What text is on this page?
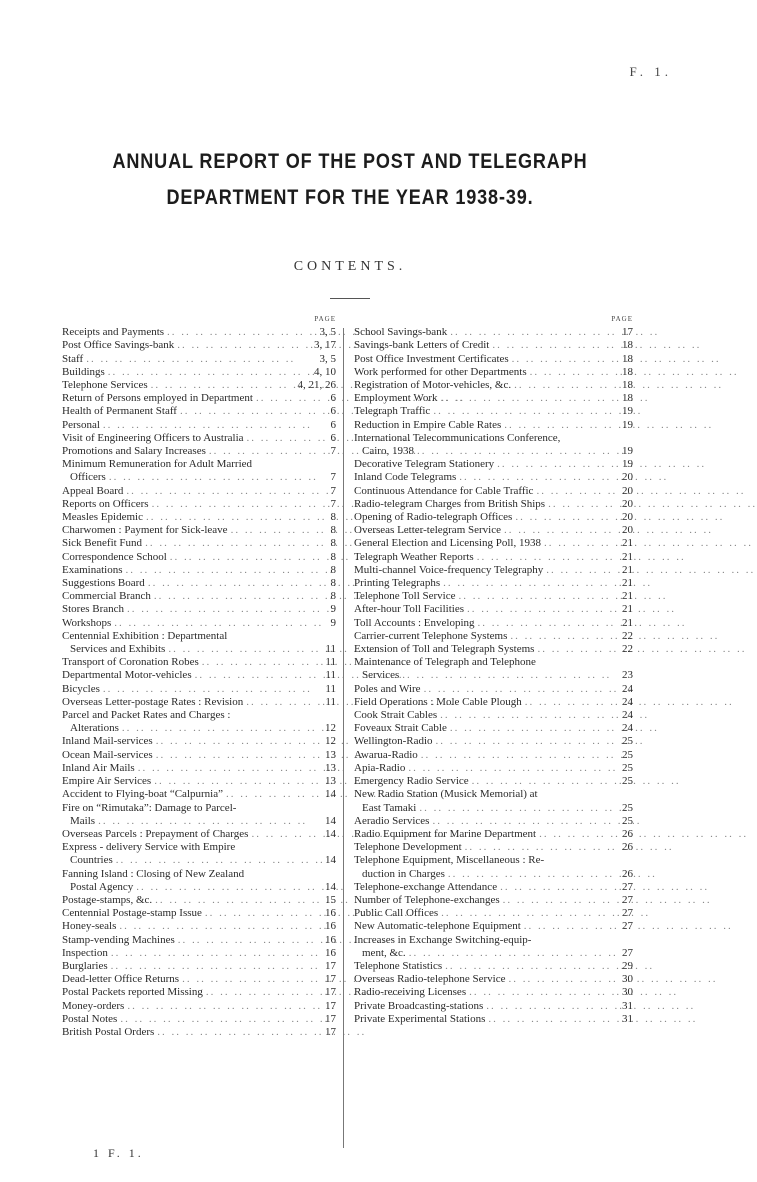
F. 1.
ANNUAL REPORT OF THE POST AND TELEGRAPH
DEPARTMENT FOR THE YEAR 1938-39.
CONTENTS.
PAGE
Receipts and Payments .. .	3, 5
Post Office Savings-bank .. .	3, 17
Staff .. .	3, 5
Buildings .. .	4, 10
Telephone Services .. .	4, 21, 26
Return of Persons employed in Department .. .	6
Health of Permanent Staff .. .	6
Personal .. .	6
Visit of Engineering Officers to Australia .. .	6
Promotions and Salary Increases .. .	7
Minimum Remuneration for Adult Married
Officers .. .	7
Appeal Board .. .	7
Reports on Officers .. .	7
Measles Epidemic .. .	8
Charwomen : Payment for Sick-leave .. .	8
Sick Benefit Fund .. .	8
Correspondence School .. .	8
Examinations .. .	8
Suggestions Board .. .	8
Commercial Branch .. .	8
Stores Branch .. .	9
Workshops .. .	9
Centennial Exhibition : Departmental
Services and Exhibits .. .	11
Transport of Coronation Robes .. .	11
Departmental Motor-vehicles .. .	11
Bicycles .. .	11
Overseas Letter-postage Rates : Revision .. .	11
Parcel and Packet Rates and Charges :
Alterations .. .	12
Inland Mail-services .. .	12
Ocean Mail-services .. .	13
Inland Air Mails .. .	13
Empire Air Services .. .	13
Accident to Flying-boat “Calpurnia” .. .	14
Fire on “Rimutaka”: Damage to Parcel-
Mails .. .	14
Overseas Parcels : Prepayment of Charges .. .	14
Express - delivery Service with Empire
Countries .. .	14
Fanning Island : Closing of New Zealand
Postal Agency .. .	14
Postage-stamps, &c. .. .	15
Centennial Postage-stamp Issue .. .	16
Honey-seals .. .	16
Stamp-vending Machines .. .	16
Inspection .. .	16
Burglaries .. .	17
Dead-letter Office Returns .. .	17
Postal Packets reported Missing .. .	17
Money-orders .. .	17
Postal Notes .. .	17
British Postal Orders .. .	17
PAGE
School Savings-bank .. .	17
Savings-bank Letters of Credit .. .	18
Post Office Investment Certificates .. .	18
Work performed for other Departments .. .	18
Registration of Motor-vehicles, &c. .. .	18
Employment Work .. .	18
Telegraph Traffic .. .	19
Reduction in Empire Cable Rates .. .	19
International Telecommunications Conference,
Cairo, 1938 .. .	19
Decorative Telegram Stationery .. .	19
Inland Code Telegrams .. .	20
Continuous Attendance for Cable Traffic .. .	20
Radio-telegram Charges from British Ships .. .	20
Opening of Radio-telegraph Offices .. .	20
Overseas Letter-telegram Service .. .	20
General Election and Licensing Poll, 1938 .. .	21
Telegraph Weather Reports .. .	21
Multi-channel Voice-frequency Telegraphy .. .	21
Printing Telegraphs .. .	21
Telephone Toll Service .. .	21
After-hour Toll Facilities .. .	21
Toll Accounts : Enveloping .. .	21
Carrier-current Telephone Systems .. .	22
Extension of Toll and Telegraph Systems .. .	22
Maintenance of Telegraph and Telephone
Services .. .	23
Poles and Wire .. .	24
Field Operations : Mole Cable Plough .. .	24
Cook Strait Cables .. .	24
Foveaux Strait Cable .. .	24
Wellington-Radio .. .	25
Awarua-Radio .. .	25
Apia-Radio .. .	25
Emergency Radio Service .. .	25
New Radio Station (Musick Memorial) at
East Tamaki .. .	25
Aeradio Services .. .	25
Radio Equipment for Marine Department .. .	26
Telephone Development .. .	26
Telephone Equipment, Miscellaneous : Re-
duction in Charges .. .	26
Telephone-exchange Attendance .. .	27
Number of Telephone-exchanges .. .	27
Public Call Offices .. .	27
New Automatic-telephone Equipment .. .	27
Increases in Exchange Switching-equip-
ment, &c. .. .	27
Telephone Statistics .. .	29
Overseas Radio-telephone Service .. .	30
Radio-receiving Licenses .. .	30
Private Broadcasting-stations .. .	31
Private Experimental Stations .. .	31
1 F. 1.
